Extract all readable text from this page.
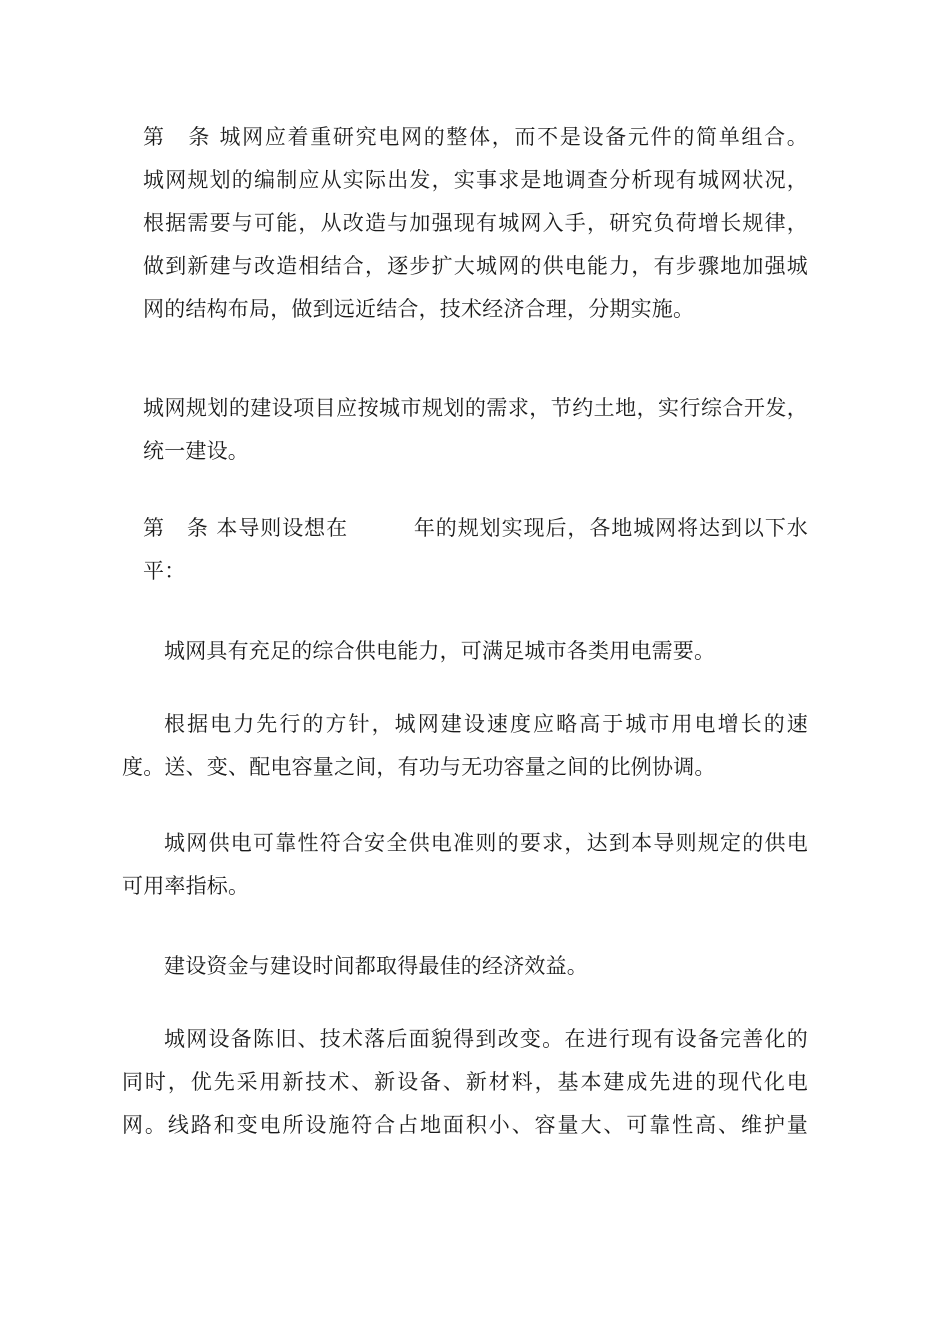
第　条 城网应着重研究电网的整体，而不是设备元件的简单组合。
城网规划的编制应从实际出发，实事求是地调查分析现有城网状况，
根据需要与可能，从改造与加强现有城网入手，研究负荷增长规律，
做到新建与改造相结合，逐步扩大城网的供电能力，有步骤地加强城
网的结构布局，做到远近结合，技术经济合理，分期实施。
城网规划的建设项目应按城市规划的需求，节约土地，实行综合开发，
统一建设。
第　条 本导则设想在　　　年的规划实现后，各地城网将达到以下水
平：
城网具有充足的综合供电能力，可满足城市各类用电需要。
根据电力先行的方针，城网建设速度应略高于城市用电增长的速
度。送、变、配电容量之间，有功与无功容量之间的比例协调。
城网供电可靠性符合安全供电准则的要求，达到本导则规定的供电
可用率指标。
建设资金与建设时间都取得最佳的经济效益。
城网设备陈旧、技术落后面貌得到改变。在进行现有设备完善化的
同时，优先采用新技术、新设备、新材料，基本建成先进的现代化电
网。线路和变电所设施符合占地面积小、容量大、可靠性高、维护量
